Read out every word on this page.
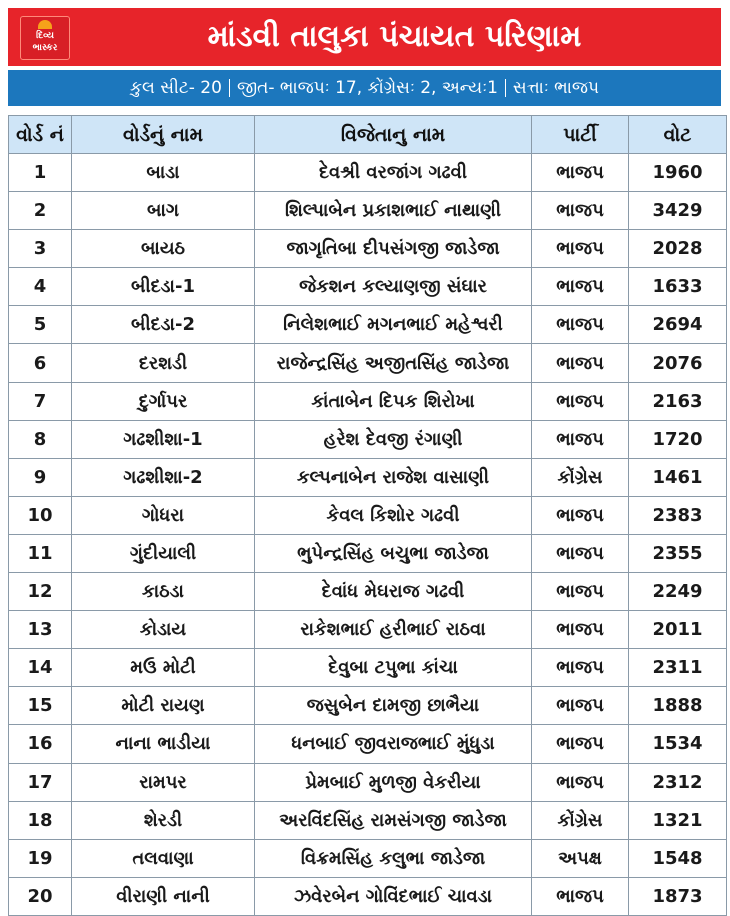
દિવ્ય
ભાસ્કર	માંડવી તાલુકા પંચાયત પરિણામ
કુલ સીટ- 20 જીત- ભાજપઃ 17, કોંગ્રેસઃ 2, અન્યઃ1 સત્તાઃ ભાજપ
વોર્ડ નં	વોર્ડનું નામ	વિજેતાનુ નામ	પાર્ટી	વોટ
1	બાડા	દેવશ્રી વરજાંગ ગઢવી	ભાજપ	1960
2	બાગ	શિલ્પાબેન પ્રકાશભાઈ નાથાણી	ભાજપ	3429
3	બાયઠ	જાગૃતિબા દીપસંગજી જાડેજા	ભાજપ	2028
4	બીદડા-1	જેકશન કલ્યાણજી સંઘાર	ભાજપ	1633
5	બીદડા-2	નિલેશભાઈ મગનભાઈ મહેશ્વરી	ભાજપ	2694
6	દરશડી	રાજેન્દ્રસિંહ અજીતસિંહ જાડેજા	ભાજપ	2076
7	દુર્ગાપર	કાંતાબેન દિપક શિરોખા	ભાજપ	2163
8	ગઢશીશા-1	હરેશ દેવજી રંગાણી	ભાજપ	1720
9	ગઢશીશા-2	કલ્પનાબેન રાજેશ વાસાણી	કોંગ્રેસ	1461
10	ગોધરા	કેવલ કિશોર ગઢવી	ભાજપ	2383
11	ગુંદીયાલી	ભુપેન્દ્રસિંહ બચુભા જાડેજા	ભાજપ	2355
12	કાઠડા	દેવાંધ મેઘરાજ ગઢવી	ભાજપ	2249
13	કોડાય	રાકેશભાઈ હરીભાઈ રાઠવા	ભાજપ	2011
14	મઉ મોટી	દેવુબા ટપુભા કાંચા	ભાજપ	2311
15	મોટી રાયણ	જસુબેન દામજી છાભૈયા	ભાજપ	1888
16	નાના ભાડીયા	ધનબાઈ જીવરાજભાઈ મુંધુડા	ભાજપ	1534
17	રામપર	પ્રેમબાઈ મુળજી વેકરીયા	ભાજપ	2312
18	શેરડી	અરવિંદસિંહ રામસંગજી જાડેજા	કોંગ્રેસ	1321
19	તલવાણા	વિક્રમસિંહ કલુભા જાડેજા	અપક્ષ	1548
20	વીરાણી નાની	ઝવેરબેન ગોવિંદભાઈ ચાવડા	ભાજપ	1873
